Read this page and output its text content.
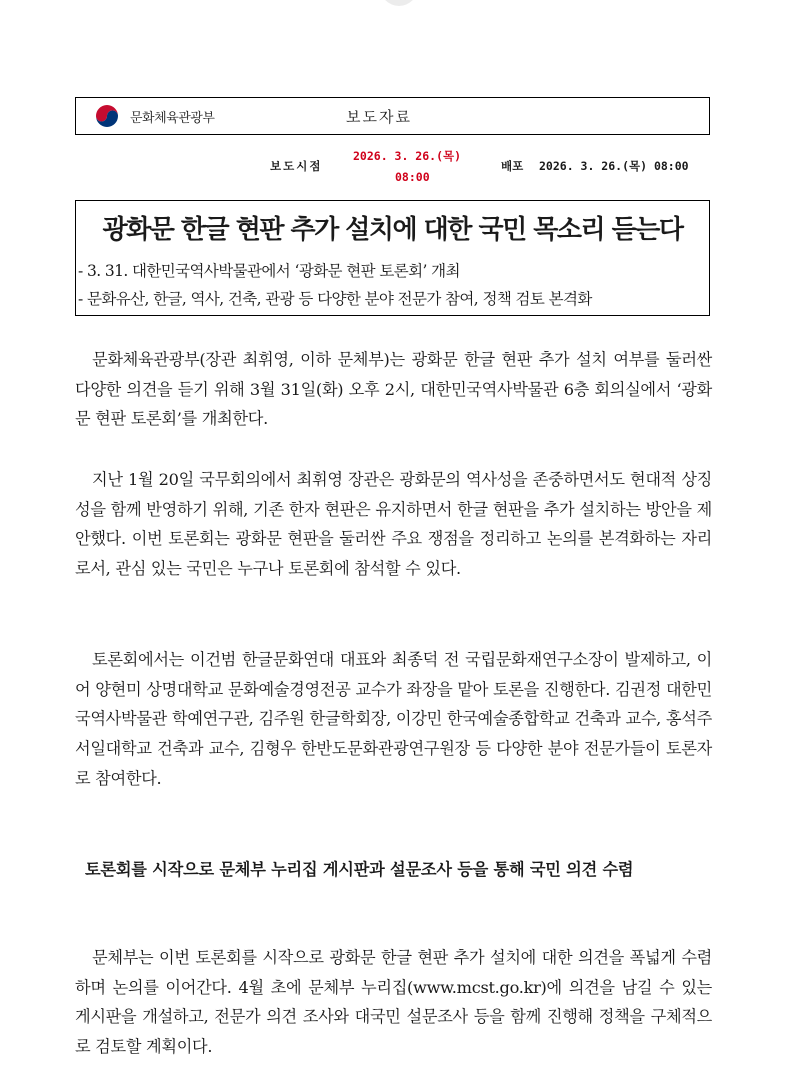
문화체육관광부	보도자료
보도시점
2026. 3. 26.(목)
08:00
배포 2026. 3. 26.(목) 08:00
광화문 한글 현판 추가 설치에 대한 국민 목소리 듣는다
- 3. 31. 대한민국역사박물관에서 ‘광화문 현판 토론회’ 개최
- 문화유산, 한글, 역사, 건축, 관광 등 다양한 분야 전문가 참여, 정책 검토 본격화

문화체육관광부(장관 최휘영, 이하 문체부)는 광화문 한글 현판 추가 설치 여부를 둘러싼 다양한 의견을 듣기 위해 3월 31일(화) 오후 2시, 대한민국역사박물관 6층 회의실에서 ‘광화문 현판 토론회’를 개최한다.

지난 1월 20일 국무회의에서 최휘영 장관은 광화문의 역사성을 존중하면서도 현대적 상징성을 함께 반영하기 위해, 기존 한자 현판은 유지하면서 한글 현판을 추가 설치하는 방안을 제안했다. 이번 토론회는 광화문 현판을 둘러싼 주요 쟁점을 정리하고 논의를 본격화하는 자리로서, 관심 있는 국민은 누구나 토론회에 참석할 수 있다.

토론회에서는 이건범 한글문화연대 대표와 최종덕 전 국립문화재연구소장이 발제하고, 이어 양현미 상명대학교 문화예술경영전공 교수가 좌장을 맡아 토론을 진행한다. 김권정 대한민국역사박물관 학예연구관, 김주원 한글학회장, 이강민 한국예술종합학교 건축과 교수, 홍석주 서일대학교 건축과 교수, 김형우 한반도문화관광연구원장 등 다양한 분야 전문가들이 토론자로 참여한다.

토론회를 시작으로 문체부 누리집 게시판과 설문조사 등을 통해 국민 의견 수렴

문체부는 이번 토론회를 시작으로 광화문 한글 현판 추가 설치에 대한 의견을 폭넓게 수렴하며 논의를 이어간다. 4월 초에 문체부 누리집(www.mcst.go.kr)에 의견을 남길 수 있는 게시판을 개설하고, 전문가 의견 조사와 대국민 설문조사 등을 함께 진행해 정책을 구체적으로 검토할 계획이다.
